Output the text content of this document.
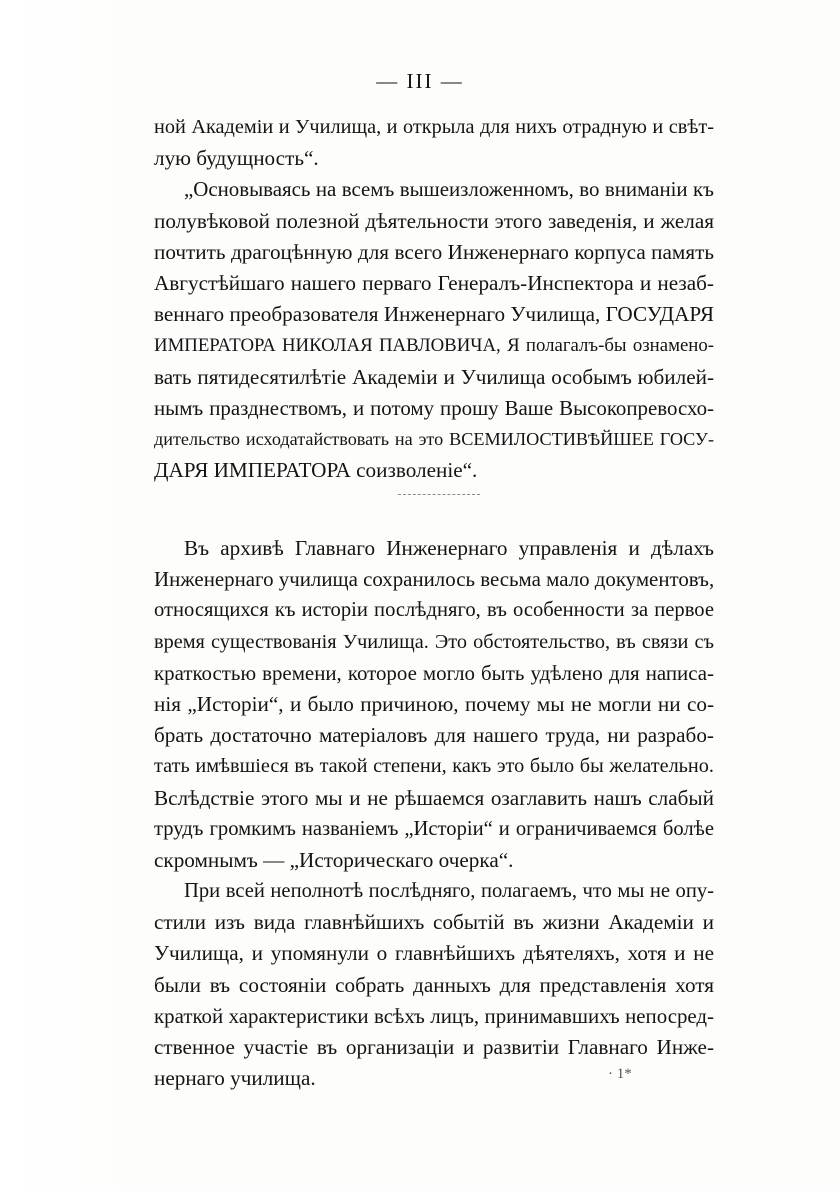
— III —
ной Академіи и Училища, и открыла для нихъ отрадную и свѣт-
лую будущность“.
„Основываясь на всемъ вышеизложенномъ, во вниманіи къ
полувѣковой полезной дѣятельности этого заведенія, и желая
почтить драгоцѣнную для всего Инженернаго корпуса память
Августѣйшаго нашего перваго Генералъ-Инспектора и незаб-
веннаго преобразователя Инженернаго Училища, ГОСУДАРЯ
ИМПЕРАТОРА НИКОЛАЯ ПАВЛОВИЧА, Я полагалъ-бы ознаменo-
вать пятидесятилѣтіе Академіи и Училища особымъ юбилей-
нымъ празднествомъ, и потому прошу Ваше Высокопревосхо-
дительство исходатайствовать на это ВСЕМИЛОСТИВѢЙШЕЕ ГОСУ-
ДАРЯ ИМПЕРАТОРА соизволеніе“.
Въ архивѣ Главнаго Инженернаго управленія и дѣлахъ
Инженернаго училища сохранилось весьма мало документовъ,
относящихся къ исторіи послѣдняго, въ особенности за первое
время существованія Училища. Это обстоятельство, въ связи съ
краткостью времени, которое могло быть удѣлено для написа-
нія „Исторіи“, и было причиною, почему мы не могли ни со-
брать достаточно матеріаловъ для нашего труда, ни разрабо-
тать имѣвшіеся въ такой степени, какъ это было бы желательно.
Вслѣдствіе этого мы и не рѣшаемся озаглавить нашъ слабый
трудъ громкимъ названіемъ „Исторіи“ и ограничиваемся болѣе
скромнымъ — „Историческаго очерка“.
При всей неполнотѣ послѣдняго, полагаемъ, что мы не опу-
стили изъ вида главнѣйшихъ событій въ жизни Академіи и
Училища, и упомянули о главнѣйшихъ дѣятеляхъ, хотя и не
были въ состояніи собрать данныхъ для представленія хотя
краткой характеристики всѣхъ лицъ, принимавшихъ непосред-
ственное участіе въ организаціи и развитіи Главнаго Инже-
нернаго училища.	· 1*
